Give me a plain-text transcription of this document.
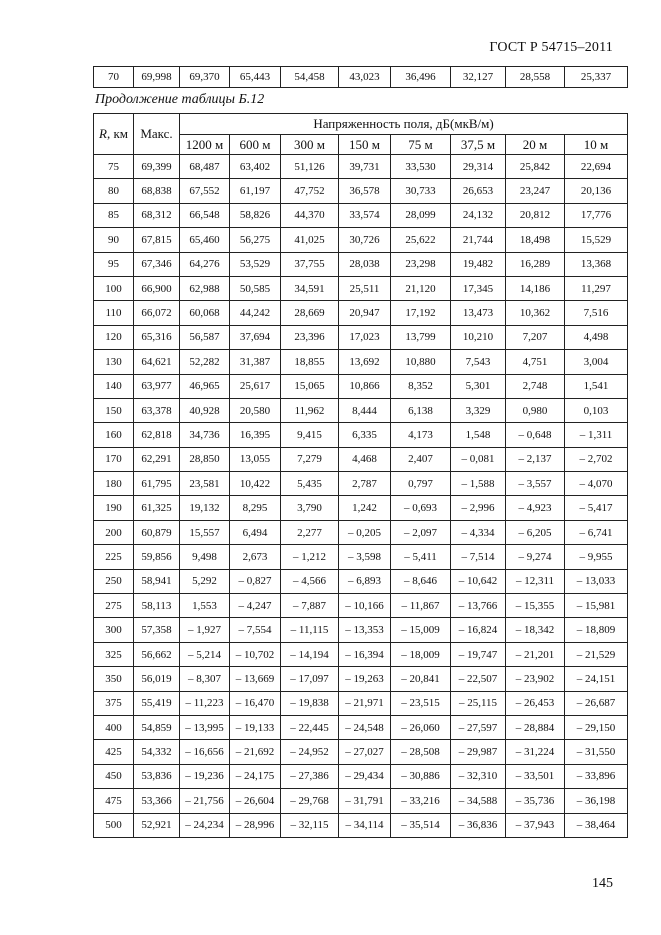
ГОСТ Р 54715–2011
70	69,998	69,370	65,443	54,458	43,023	36,496	32,127	28,558	25,337
Продолжение таблицы Б.12
R, км	Макс.	Напряженность поля, дБ(мкВ/м)							
		1200 м	600 м	300 м	150 м	75 м	37,5 м	20 м	10 м
75	69,399	68,487	63,402	51,126	39,731	33,530	29,314	25,842	22,694
80	68,838	67,552	61,197	47,752	36,578	30,733	26,653	23,247	20,136
85	68,312	66,548	58,826	44,370	33,574	28,099	24,132	20,812	17,776
90	67,815	65,460	56,275	41,025	30,726	25,622	21,744	18,498	15,529
95	67,346	64,276	53,529	37,755	28,038	23,298	19,482	16,289	13,368
100	66,900	62,988	50,585	34,591	25,511	21,120	17,345	14,186	11,297
110	66,072	60,068	44,242	28,669	20,947	17,192	13,473	10,362	7,516
120	65,316	56,587	37,694	23,396	17,023	13,799	10,210	7,207	4,498
130	64,621	52,282	31,387	18,855	13,692	10,880	7,543	4,751	3,004
140	63,977	46,965	25,617	15,065	10,866	8,352	5,301	2,748	1,541
150	63,378	40,928	20,580	11,962	8,444	6,138	3,329	0,980	0,103
160	62,818	34,736	16,395	9,415	6,335	4,173	1,548	– 0,648	– 1,311
170	62,291	28,850	13,055	7,279	4,468	2,407	– 0,081	– 2,137	– 2,702
180	61,795	23,581	10,422	5,435	2,787	0,797	– 1,588	– 3,557	– 4,070
190	61,325	19,132	8,295	3,790	1,242	– 0,693	– 2,996	– 4,923	– 5,417
200	60,879	15,557	6,494	2,277	– 0,205	– 2,097	– 4,334	– 6,205	– 6,741
225	59,856	9,498	2,673	– 1,212	– 3,598	– 5,411	– 7,514	– 9,274	– 9,955
250	58,941	5,292	– 0,827	– 4,566	– 6,893	– 8,646	– 10,642	– 12,311	– 13,033
275	58,113	1,553	– 4,247	– 7,887	– 10,166	– 11,867	– 13,766	– 15,355	– 15,981
300	57,358	– 1,927	– 7,554	– 11,115	– 13,353	– 15,009	– 16,824	– 18,342	– 18,809
325	56,662	– 5,214	– 10,702	– 14,194	– 16,394	– 18,009	– 19,747	– 21,201	– 21,529
350	56,019	– 8,307	– 13,669	– 17,097	– 19,263	– 20,841	– 22,507	– 23,902	– 24,151
375	55,419	– 11,223	– 16,470	– 19,838	– 21,971	– 23,515	– 25,115	– 26,453	– 26,687
400	54,859	– 13,995	– 19,133	– 22,445	– 24,548	– 26,060	– 27,597	– 28,884	– 29,150
425	54,332	– 16,656	– 21,692	– 24,952	– 27,027	– 28,508	– 29,987	– 31,224	– 31,550
450	53,836	– 19,236	– 24,175	– 27,386	– 29,434	– 30,886	– 32,310	– 33,501	– 33,896
475	53,366	– 21,756	– 26,604	– 29,768	– 31,791	– 33,216	– 34,588	– 35,736	– 36,198
500	52,921	– 24,234	– 28,996	– 32,115	– 34,114	– 35,514	– 36,836	– 37,943	– 38,464
145
